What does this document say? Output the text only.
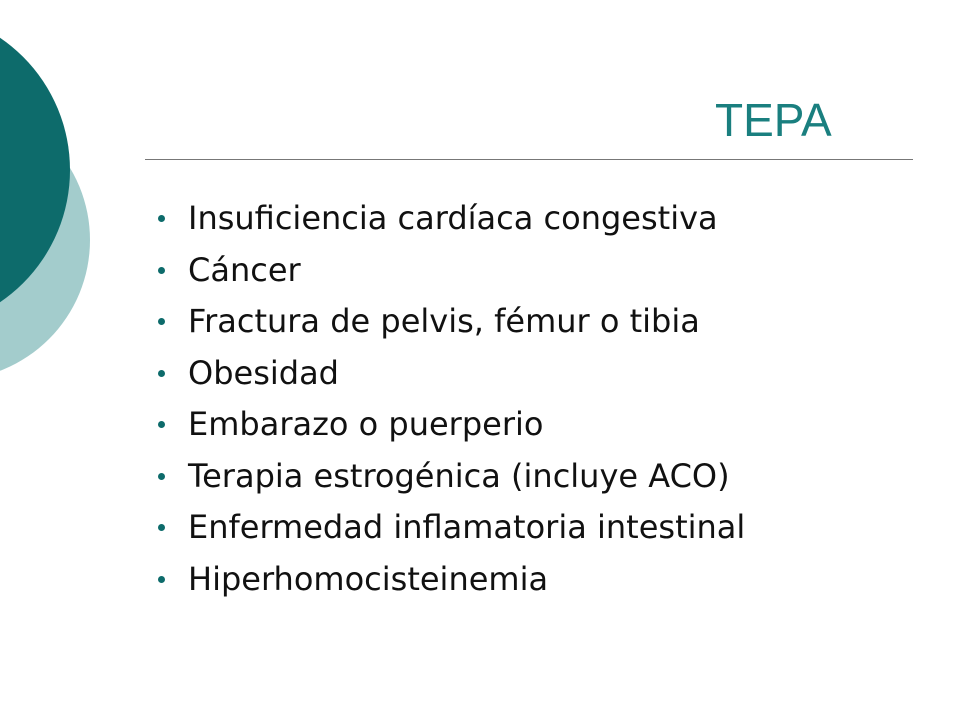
TEPA
Insuficiencia cardíaca congestiva
Cáncer
Fractura de pelvis, fémur o tibia
Obesidad
Embarazo o puerperio
Terapia estrogénica (incluye ACO)
Enfermedad inflamatoria intestinal
Hiperhomocisteinemia
